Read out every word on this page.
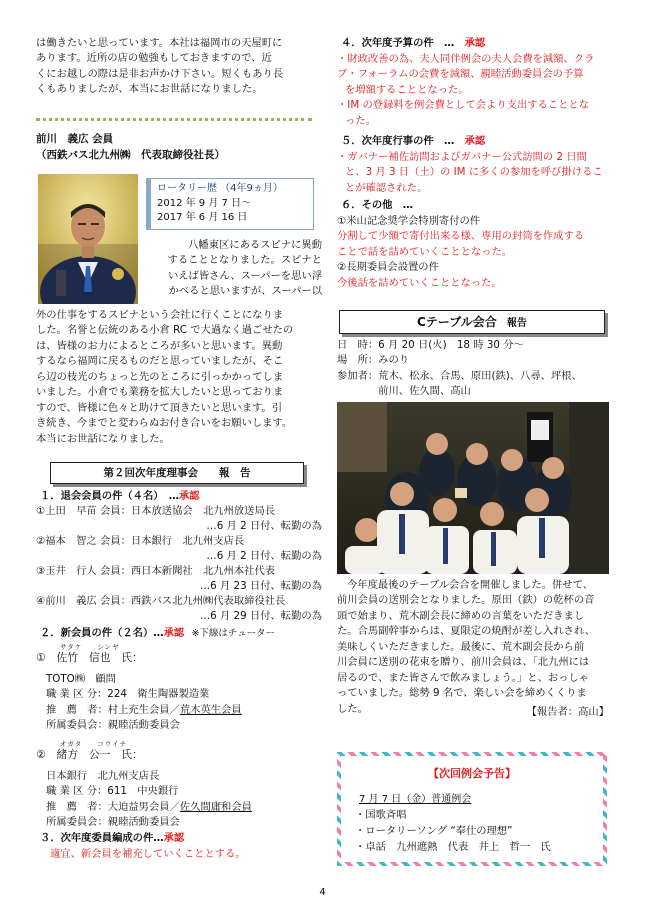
は働きたいと思っています。本社は福岡市の天屋町に

あります。近所の店の勉強もしておきますので、近

くにお越しの際は是非お声かけ下さい。短くもあり長

くもありましたが、本当にお世話になりました。

前川　義広 会員
（西鉄バス北九州㈱　代表取締役社長）
ロータリー歴 （4年9ヵ月）
2012 年 9 月 7 日～
2017 年 6 月 16 日

八幡東区にあるスピナに異動

することとなりました。スピナと

いえば皆さん、スーパーを思い浮

かべると思いますが、スーパー以

外の仕事をするスピナという会社に行くことになりま

した。名誉と伝統のある小倉 RC で大過なく過ごせたの

は、皆様のお力によるところが多いと思います。異動

するなら福岡に戻るものだと思っていましたが、そこ

ら辺の枝光のちょっと先のところに引っかかってしま

いました。小倉でも業務を拡大したいと思っておりま

すので、皆様に色々と助けて頂きたいと思います。引

き続き、今までと変わらぬお付き合いをお願いします。

本当にお世話になりました。

第２回次年度理事会　　報　告
１．退会会員の件（４名）　…承認

①上田　早苗 会員：日本放送協会　北九州放送局長

…6 月 2 日付、転勤の為

②福本　智之 会員：日本銀行　北九州支店長

…6 月 2 日付、転勤の為

③玉井　行人 会員：西日本新聞社　北九州本社代表

…6 月 23 日付、転勤の為

④前川　義広 会員：西鉄バス北九州㈱代表取締役社長

…6 月 29 日付、転勤の為

２．新会員の件（２名）…承認 ※下線はチューター
サタケ　　シンヤ
①　佐竹　信也　氏：

TOTO㈱　顧問

職 業 区 分：224　衛生陶器製造業

推　薦　者：村上充生会員／荒木英生会員

所属委員会：親睦活動委員会

オガタ　　コウイチ
②　緒方　公一　氏：

日本銀行　北九州支店長

職 業 区 分：611　中央銀行

推　薦　者：大迫益男会員／佐久間庸和会員

所属委員会：親睦活動委員会

３．次年度委員編成の件…承認
適宜、新会員を補充していくこととする。
４．次年度予算の件　…　承認

・財政改善の為、夫人同伴例会の夫人会費を減額、クラ

ブ・フォーラムの会費を減額、親睦活動委員会の予算

を増額することとなった。

・IM の登録料を例会費として会より支出することとな

った。

５．次年度行事の件　…　承認

・ガバナー補佐訪問およびガバナー公式訪問の 2 日間

と、3 月 3 日（土）の IM に多くの参加を呼び掛けるこ

とが確認された。

６．その他　…

①米山記念奨学会特別寄付の件

分割して少額で寄付出来る様、専用の封筒を作成する

ことで話を詰めていくこととなった。

②長期委員会設置の件

今後話を詰めていくこととなった。

Cテーブル会合 報告

日　時：6 月 20 日(火)　18 時 30 分～

場　所：みのり

参加者：荒木、松永、合馬、原田(鉄)、八尋、坪根、

　　　　前川、佐久間、高山

今年度最後のテーブル会合を開催しました。併せて、

前川会員の送別会となりました。原田（鉄）の乾杯の音

頭で始まり、荒木副会長に締めの言葉をいただきまし

た。合馬副幹事からは、夏限定の焼酎が差し入れされ、

美味しくいただきました。最後に、荒木副会長から前

川会員に送別の花束を贈り、前川会員は、「北九州には

居るので、また皆さんで飲みましょう。」と、おっしゃ

っていました。総勢 9 名で、楽しい会を締めくくりま

した。	【報告者：高山】
【次回例会予告】
7 月 7 日（金）普通例会

・国歌斉唱

・ロータリーソング “奉仕の理想”

・卓話　九州遮熱　代表　井上　哲一　氏

4
